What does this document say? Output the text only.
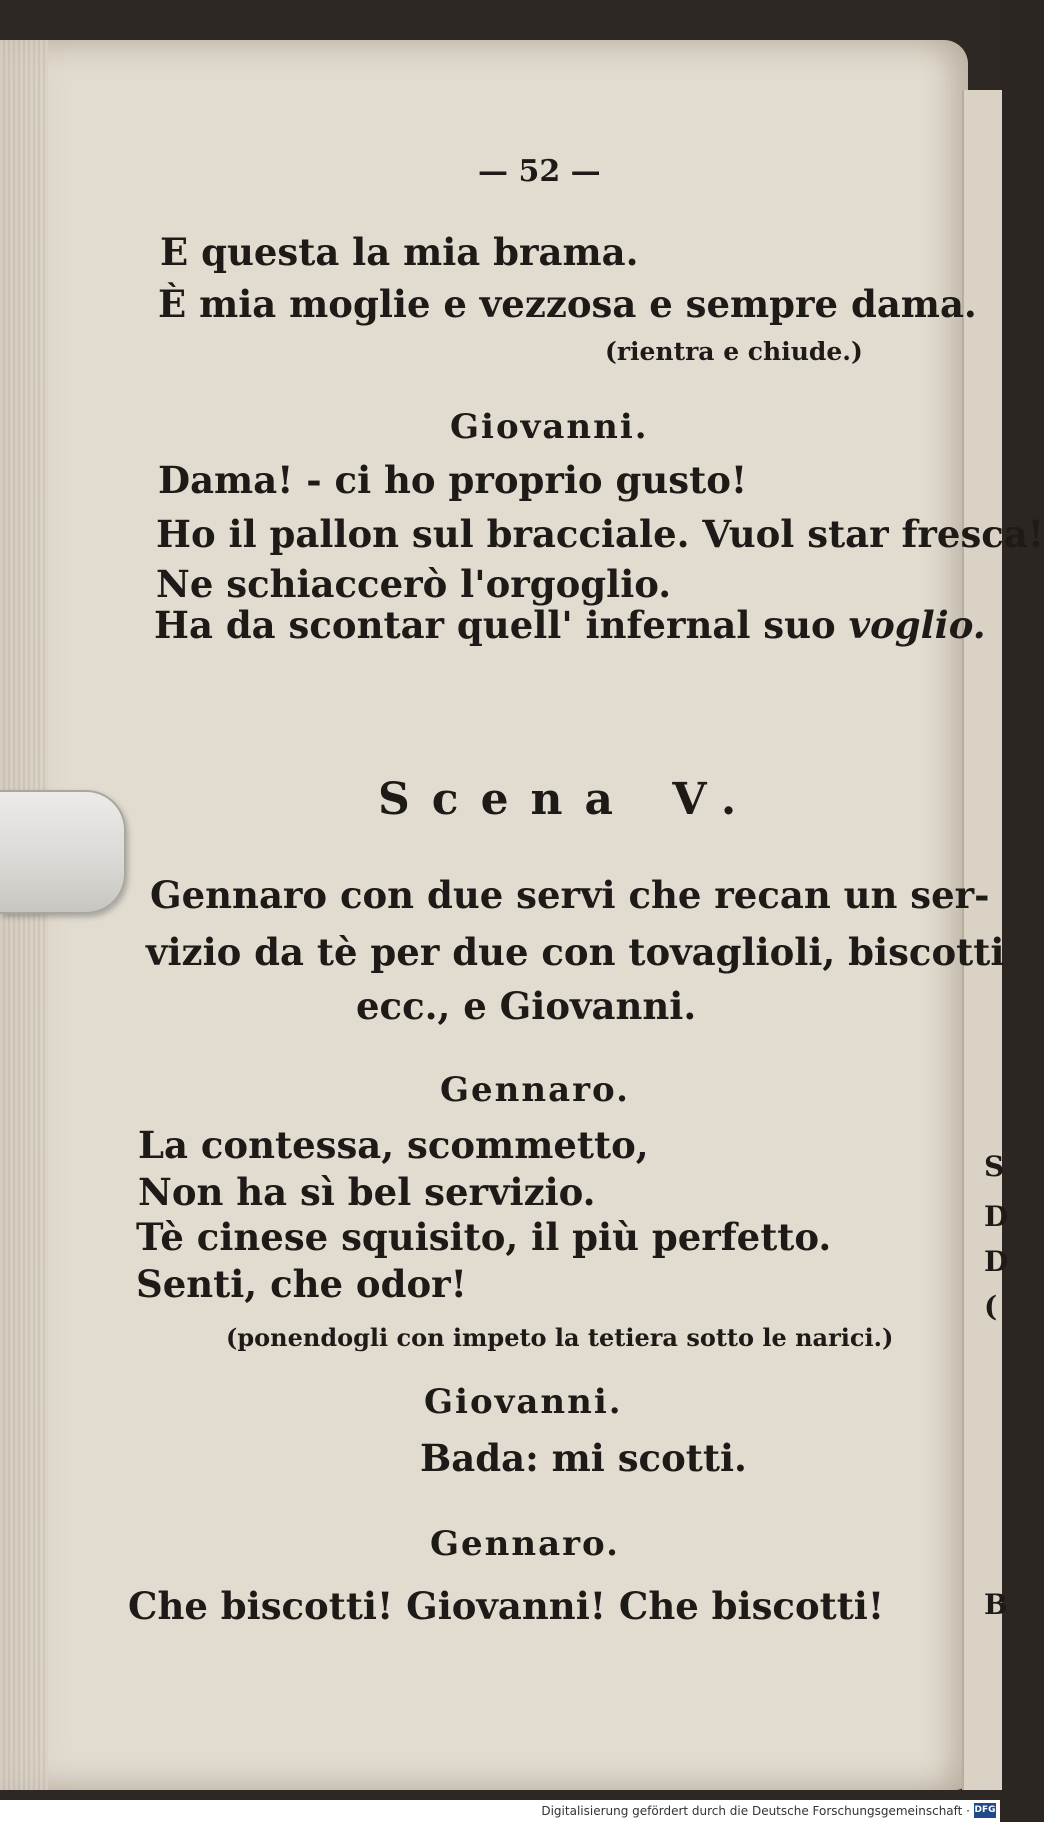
— 52 —
E questa la mia brama.
È mia moglie e vezzosa e sempre dama.
(rientra e chiude.)
Giovanni.
Dama! - ci ho proprio gusto!
Ho il pallon sul bracciale. Vuol star fresca!
Ne schiaccerò l'orgoglio.
Ha da scontar quell' infernal suo voglio.
Scena V.
Gennaro con due servi che recan un ser-
vizio da tè per due con tovaglioli, biscotti
ecc., e Giovanni.
Gennaro.
La contessa, scommetto,
Non ha sì bel servizio.
Tè cinese squisito, il più perfetto.
Senti, che odor!
(ponendogli con impeto la tetiera sotto le narici.)
Giovanni.
Bada: mi scotti.
Gennaro.
Che biscotti! Giovanni! Che biscotti!
S
D
D
(
B
Digitalisierung gefördert durch die Deutsche Forschungsgemeinschaft · DFG
